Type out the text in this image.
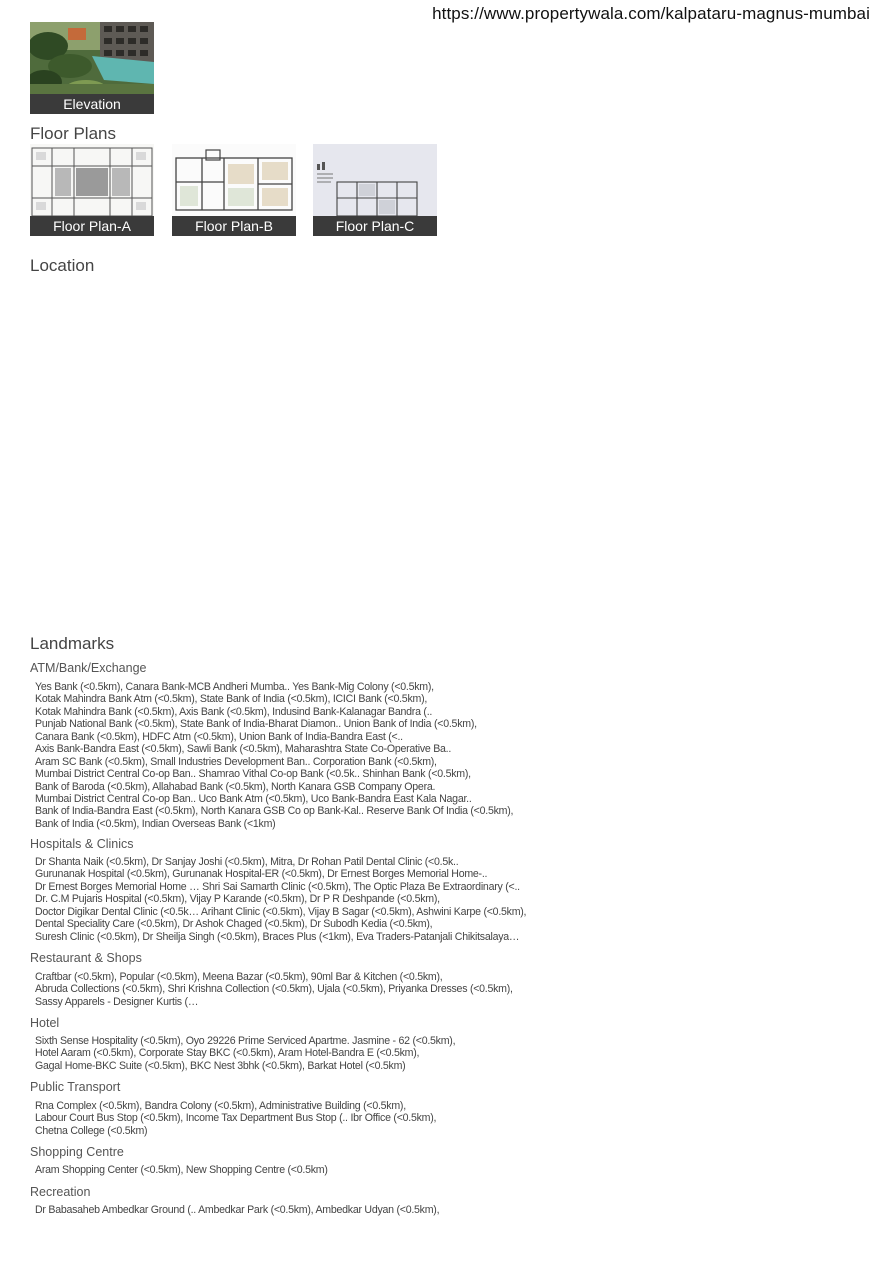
https://www.propertywala.com/kalpataru-magnus-mumbai
Elevation
Floor Plans
Floor Plan-A	Floor Plan-B	Floor Plan-C
Location
Landmarks
ATM/Bank/Exchange
Yes Bank (<0.5km), Canara Bank-MCB Andheri Mumba.. Yes Bank-Mig Colony (<0.5km),
Kotak Mahindra Bank Atm (<0.5km), State Bank of India (<0.5km), ICICI Bank (<0.5km),
Kotak Mahindra Bank (<0.5km), Axis Bank (<0.5km), Indusind Bank-Kalanagar Bandra (..
Punjab National Bank (<0.5km), State Bank of India-Bharat Diamon.. Union Bank of India (<0.5km),
Canara Bank (<0.5km), HDFC Atm (<0.5km), Union Bank of India-Bandra East (<..
Axis Bank-Bandra East (<0.5km), Sawli Bank (<0.5km), Maharashtra State Co-Operative Ba..
Aram SC Bank (<0.5km), Small Industries Development Ban.. Corporation Bank (<0.5km),
Mumbai District Central Co-op Ban.. Shamrao Vithal Co-op Bank (<0.5k.. Shinhan Bank (<0.5km),
Bank of Baroda (<0.5km), Allahabad Bank (<0.5km), North Kanara GSB Company Opera.
Mumbai District Central Co-op Ban.. Uco Bank Atm (<0.5km), Uco Bank-Bandra East Kala Nagar..
Bank of India-Bandra East (<0.5km), North Kanara GSB Co op Bank-Kal.. Reserve Bank Of India (<0.5km),
Bank of India (<0.5km), Indian Overseas Bank (<1km)
Hospitals & Clinics
Dr Shanta Naik (<0.5km), Dr Sanjay Joshi (<0.5km), Mitra, Dr Rohan Patil Dental Clinic (<0.5k..
Gurunanak Hospital (<0.5km), Gurunanak Hospital-ER (<0.5km), Dr Ernest Borges Memorial Home-..
Dr Ernest Borges Memorial Home … Shri Sai Samarth Clinic (<0.5km), The Optic Plaza Be Extraordinary (<..
Dr. C.M Pujaris Hospital (<0.5km), Vijay P Karande (<0.5km), Dr P R Deshpande (<0.5km),
Doctor Digikar Dental Clinic (<0.5k… Arihant Clinic (<0.5km), Vijay B Sagar (<0.5km), Ashwini Karpe (<0.5km),
Dental Speciality Care (<0.5km), Dr Ashok Chaged (<0.5km), Dr Subodh Kedia (<0.5km),
Suresh Clinic (<0.5km), Dr Sheilja Singh (<0.5km), Braces Plus (<1km), Eva Traders-Patanjali Chikitsalaya…
Restaurant & Shops
Craftbar (<0.5km), Popular (<0.5km), Meena Bazar (<0.5km), 90ml Bar & Kitchen (<0.5km),
Abruda Collections (<0.5km), Shri Krishna Collection (<0.5km), Ujala (<0.5km), Priyanka Dresses (<0.5km),
Sassy Apparels - Designer Kurtis (…
Hotel
Sixth Sense Hospitality (<0.5km), Oyo 29226 Prime Serviced Apartme. Jasmine - 62 (<0.5km),
Hotel Aaram (<0.5km), Corporate Stay BKC (<0.5km), Aram Hotel-Bandra E (<0.5km),
Gagal Home-BKC Suite (<0.5km), BKC Nest 3bhk (<0.5km), Barkat Hotel (<0.5km)
Public Transport
Rna Complex (<0.5km), Bandra Colony (<0.5km), Administrative Building (<0.5km),
Labour Court Bus Stop (<0.5km), Income Tax Department Bus Stop (.. Ibr Office (<0.5km),
Chetna College (<0.5km)
Shopping Centre
Aram Shopping Center (<0.5km), New Shopping Centre (<0.5km)
Recreation
Dr Babasaheb Ambedkar Ground (.. Ambedkar Park (<0.5km), Ambedkar Udyan (<0.5km),
